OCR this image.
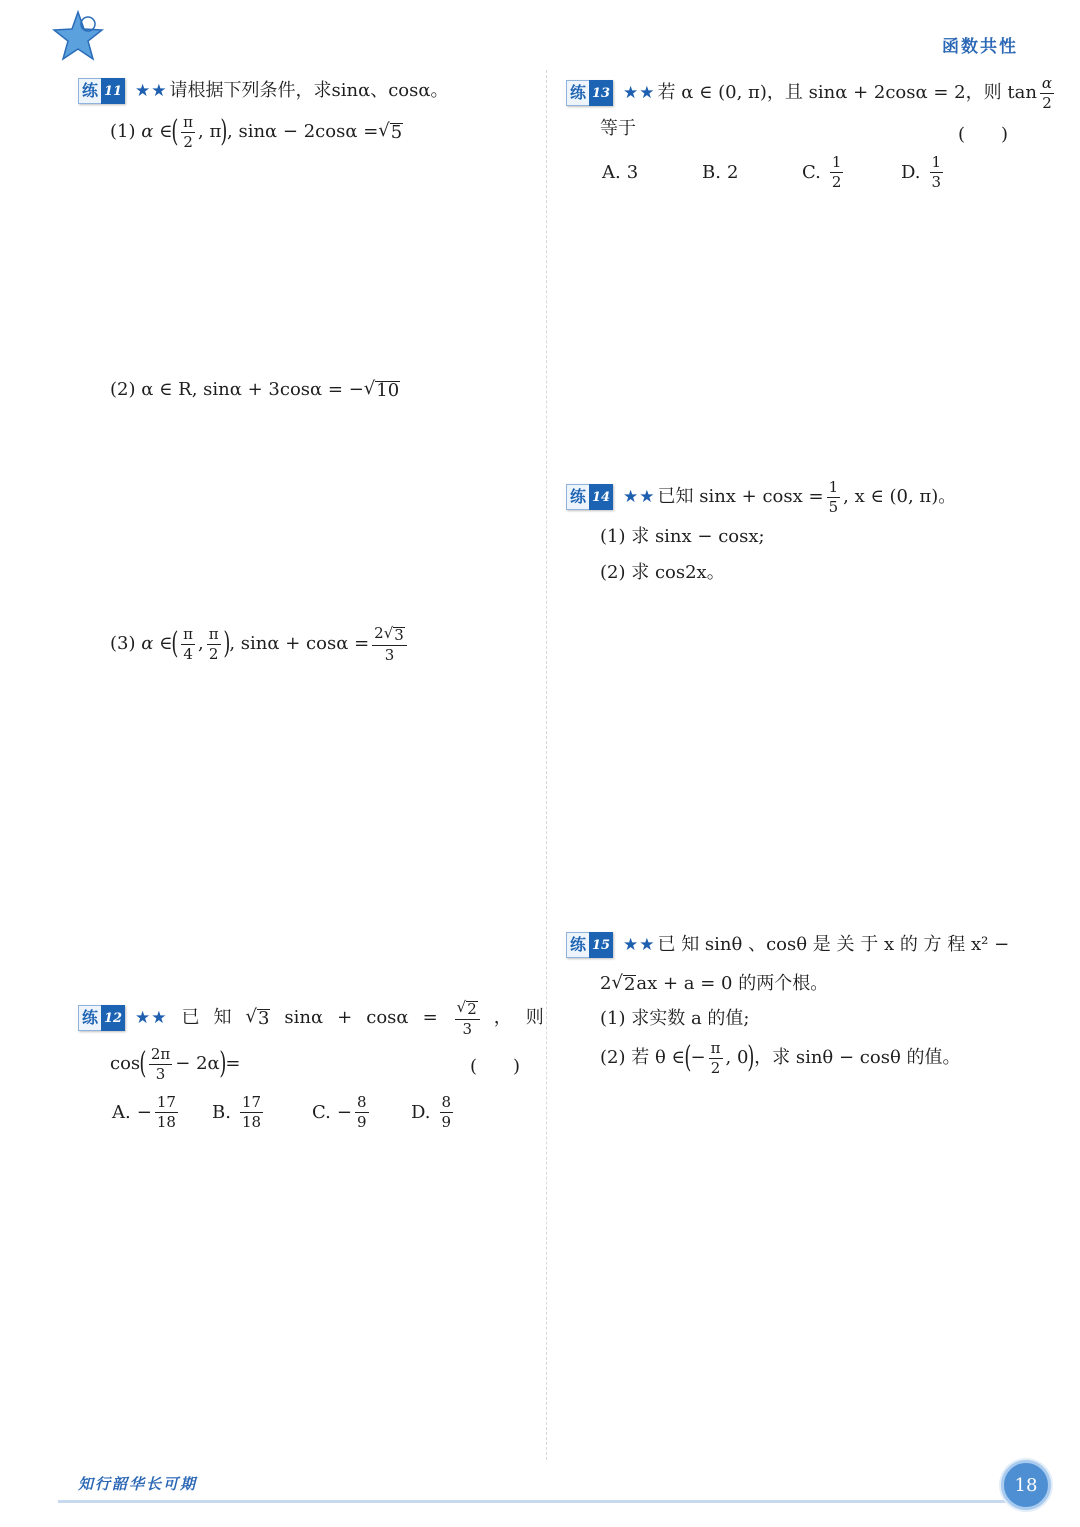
函数共性
练 11 ★★ 请根据下列条件，求sinα、cosα。
(1)
α ∈ ( $\frac{\pi}{2}$ , π ) , sinα − 2cosα = √ 5
(2)
α ∈ R, sinα + 3cosα = − √ 10
(3)
α ∈ ( $\frac{\pi}{4}$ , $\frac{\pi}{2}$ ) , $\sin\alpha + \cos\alpha = \frac{2 √ 3}{3}$
练 12 ★★ 已 知 √ 3 $\sin\alpha + \cos\alpha = \frac{√ 2}{3}$ ， 则
cos ( $\frac{2\pi}{3} - 2\alpha$ ) =	(　　)
A. − $\frac{17}{18} B$. $\frac{17}{18}$	C. − $\frac{8}{9} D$. $\frac{8}{9}$
练 13 ★★ 若 α ∈ (0, π)，且 sinα + 2cosα = 2，则 $\tan \frac{\alpha}{2}$
等于	(　　)
A. 3	B. 2	C. $\frac{1}{2}$	D. $\frac{1}{3}$
练 14 ★★ 已知 $\sin x + \cos x = \frac{1}{5}$ , x ∈ (0, π)。
(1) 求 sinx − cosx;
(2) 求 cos2x。
练 15 ★★ 已 知 sinθ 、cosθ 是 关 于 x 的 方 程 x² −
2 √ 2 ax + a = 0 的两个根。
(1) 求实数 a 的值;
(2) 若 θ ∈ ( − $\frac{\pi}{2}$ , 0 ) ，求 sinθ − cosθ 的值。
知行韶华长可期	18
